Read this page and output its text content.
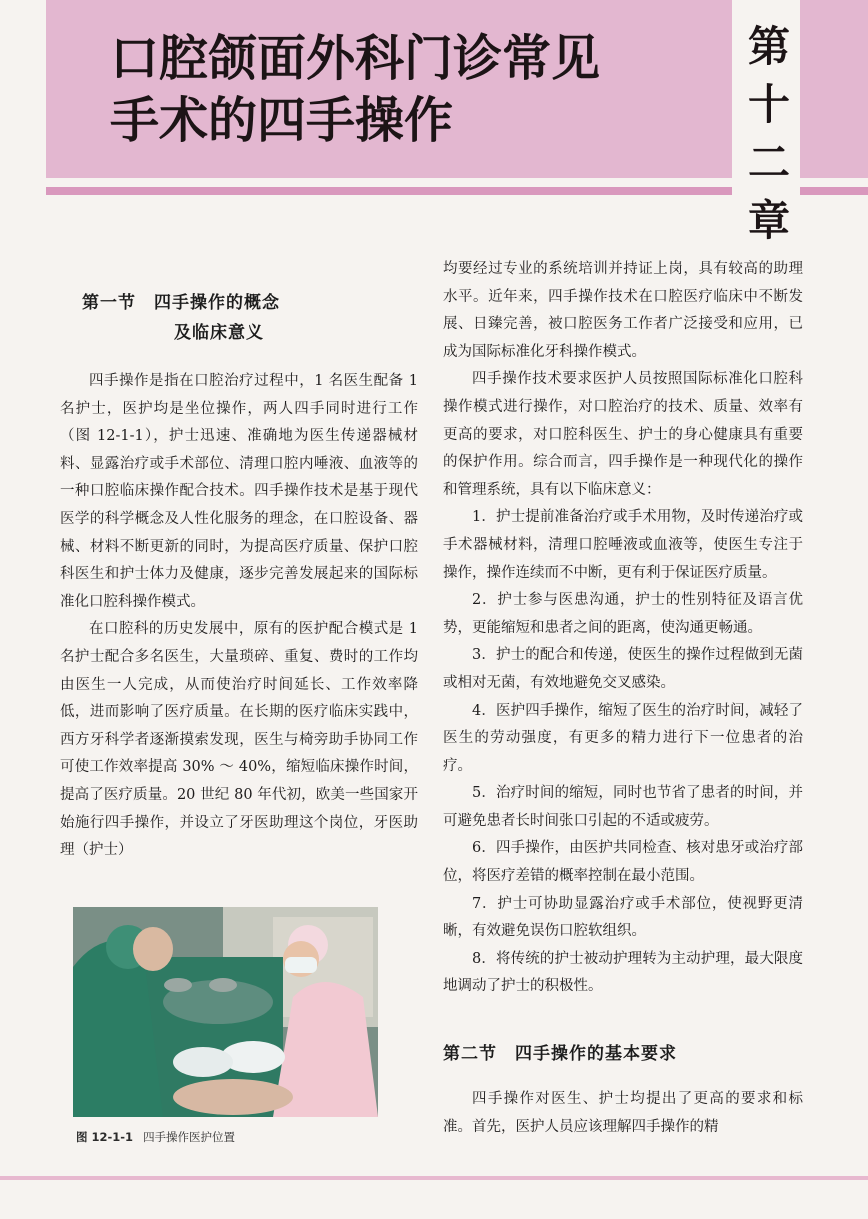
口腔颌面外科门诊常见
手术的四手操作
第
十
二
章
第一节　四手操作的概念
及临床意义

四手操作是指在口腔治疗过程中，1 名医生配备 1 名护士，医护均是坐位操作，两人四手同时进行工作（图 12-1-1），护士迅速、准确地为医生传递器械材料、显露治疗或手术部位、清理口腔内唾液、血液等的一种口腔临床操作配合技术。四手操作技术是基于现代医学的科学概念及人性化服务的理念，在口腔设备、器械、材料不断更新的同时，为提高医疗质量、保护口腔科医生和护士体力及健康，逐步完善发展起来的国际标准化口腔科操作模式。

在口腔科的历史发展中，原有的医护配合模式是 1 名护士配合多名医生，大量琐碎、重复、费时的工作均由医生一人完成，从而使治疗时间延长、工作效率降低，进而影响了医疗质量。在长期的医疗临床实践中，西方牙科学者逐渐摸索发现，医生与椅旁助手协同工作可使工作效率提高 30% ～ 40%，缩短临床操作时间，提高了医疗质量。20 世纪 80 年代初，欧美一些国家开始施行四手操作，并设立了牙医助理这个岗位，牙医助理（护士）

图 12-1-1 四手操作医护位置

均要经过专业的系统培训并持证上岗，具有较高的助理水平。近年来，四手操作技术在口腔医疗临床中不断发展、日臻完善，被口腔医务工作者广泛接受和应用，已成为国际标准化牙科操作模式。

四手操作技术要求医护人员按照国际标准化口腔科操作模式进行操作，对口腔治疗的技术、质量、效率有更高的要求，对口腔科医生、护士的身心健康具有重要的保护作用。综合而言，四手操作是一种现代化的操作和管理系统，具有以下临床意义：

1．护士提前准备治疗或手术用物，及时传递治疗或手术器械材料，清理口腔唾液或血液等，使医生专注于操作，操作连续而不中断，更有利于保证医疗质量。

2．护士参与医患沟通，护士的性别特征及语言优势，更能缩短和患者之间的距离，使沟通更畅通。

3．护士的配合和传递，使医生的操作过程做到无菌或相对无菌，有效地避免交叉感染。

4．医护四手操作，缩短了医生的治疗时间，减轻了医生的劳动强度，有更多的精力进行下一位患者的治疗。

5．治疗时间的缩短，同时也节省了患者的时间，并可避免患者长时间张口引起的不适或疲劳。

6．四手操作，由医护共同检查、核对患牙或治疗部位，将医疗差错的概率控制在最小范围。

7．护士可协助显露治疗或手术部位，使视野更清晰，有效避免误伤口腔软组织。

8．将传统的护士被动护理转为主动护理，最大限度地调动了护士的积极性。

第二节　四手操作的基本要求

四手操作对医生、护士均提出了更高的要求和标准。首先，医护人员应该理解四手操作的精
